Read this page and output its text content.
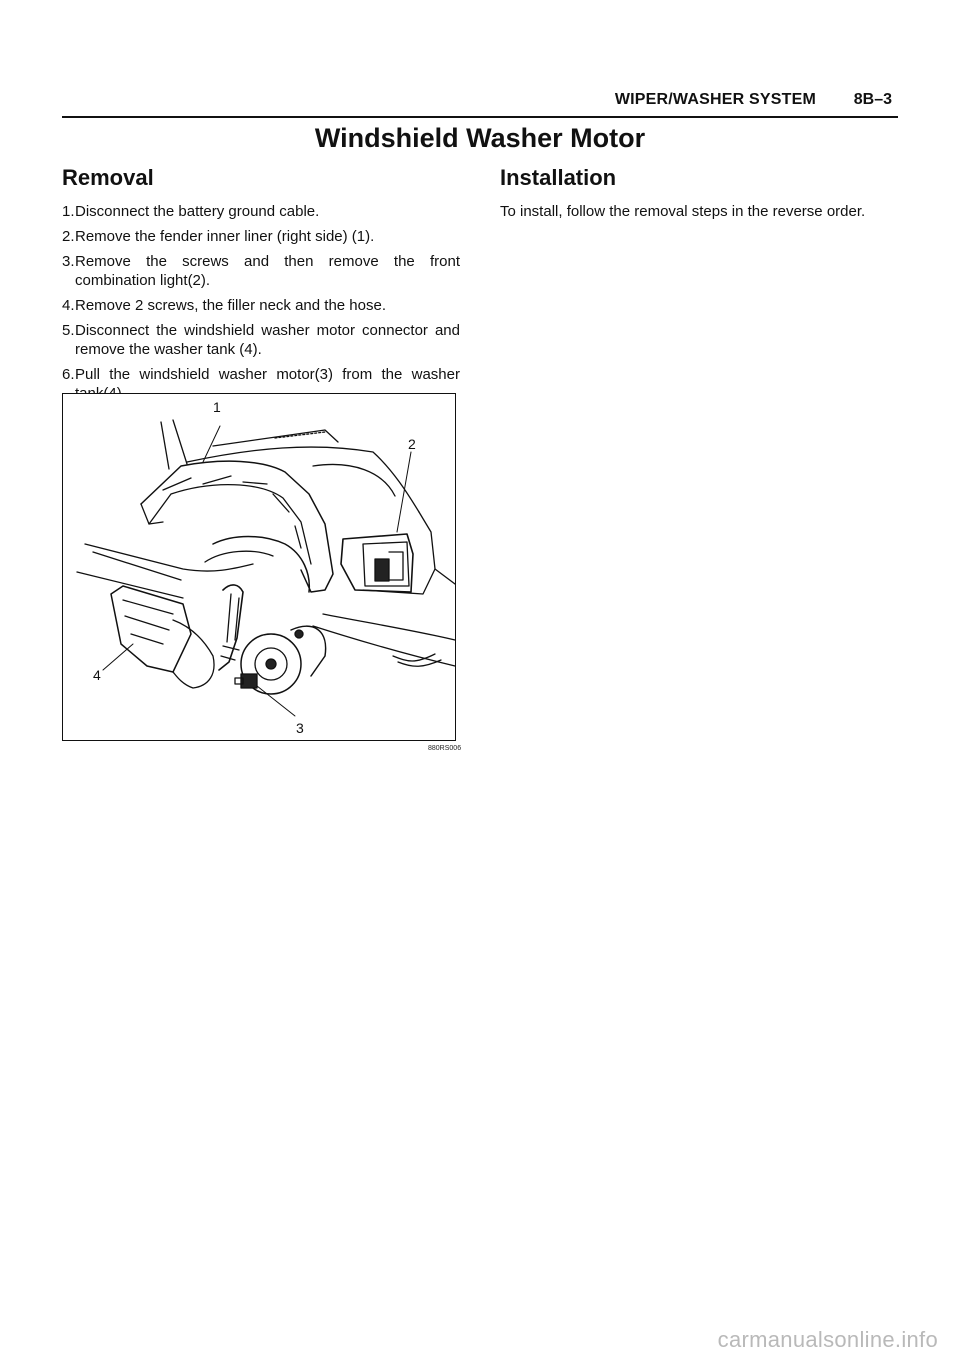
WIPER/WASHER SYSTEM 8B–3
Windshield Washer Motor
Removal
1. Disconnect the battery ground cable.
2. Remove the fender inner liner (right side) (1).
3. Remove the screws and then remove the front combination light(2).
4. Remove 2 screws, the filler neck and the hose.
5. Disconnect the windshield washer motor connector and remove the washer tank (4).
6. Pull the windshield washer motor(3) from the washer
Installation

To install, follow the removal steps in the reverse order.

1
2
3
4
880RS006
carmanualsonline.info
